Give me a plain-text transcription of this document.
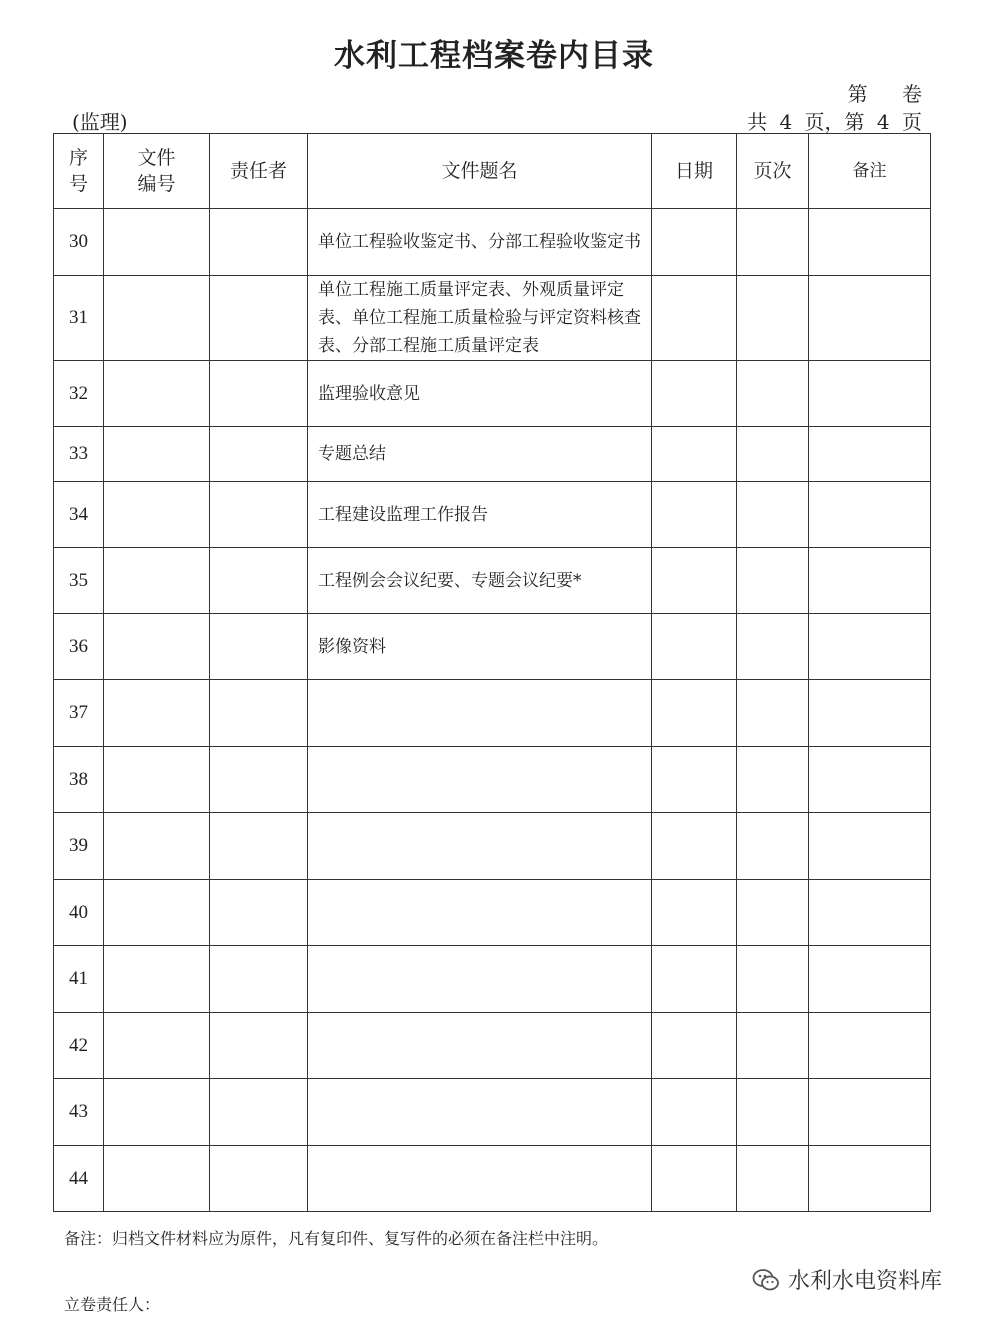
水利工程档案卷内目录
第 卷
(监理)	共 4 页，第 4 页
序号	文件编号	责任者	文件题名	日期	页次	备注
30			单位工程验收鉴定书、分部工程验收鉴定书			
31			单位工程施工质量评定表、外观质量评定表、单位工程施工质量检验与评定资料核查表、分部工程施工质量评定表			
32			监理验收意见			
33			专题总结			
34			工程建设监理工作报告			
35			工程例会会议纪要、专题会议纪要*			
36			影像资料			
37						
38						
39						
40						
41						
42						
43						
44						
备注：归档文件材料应为原件，凡有复印件、复写件的必须在备注栏中注明。
立卷责任人：
水利水电资料库
